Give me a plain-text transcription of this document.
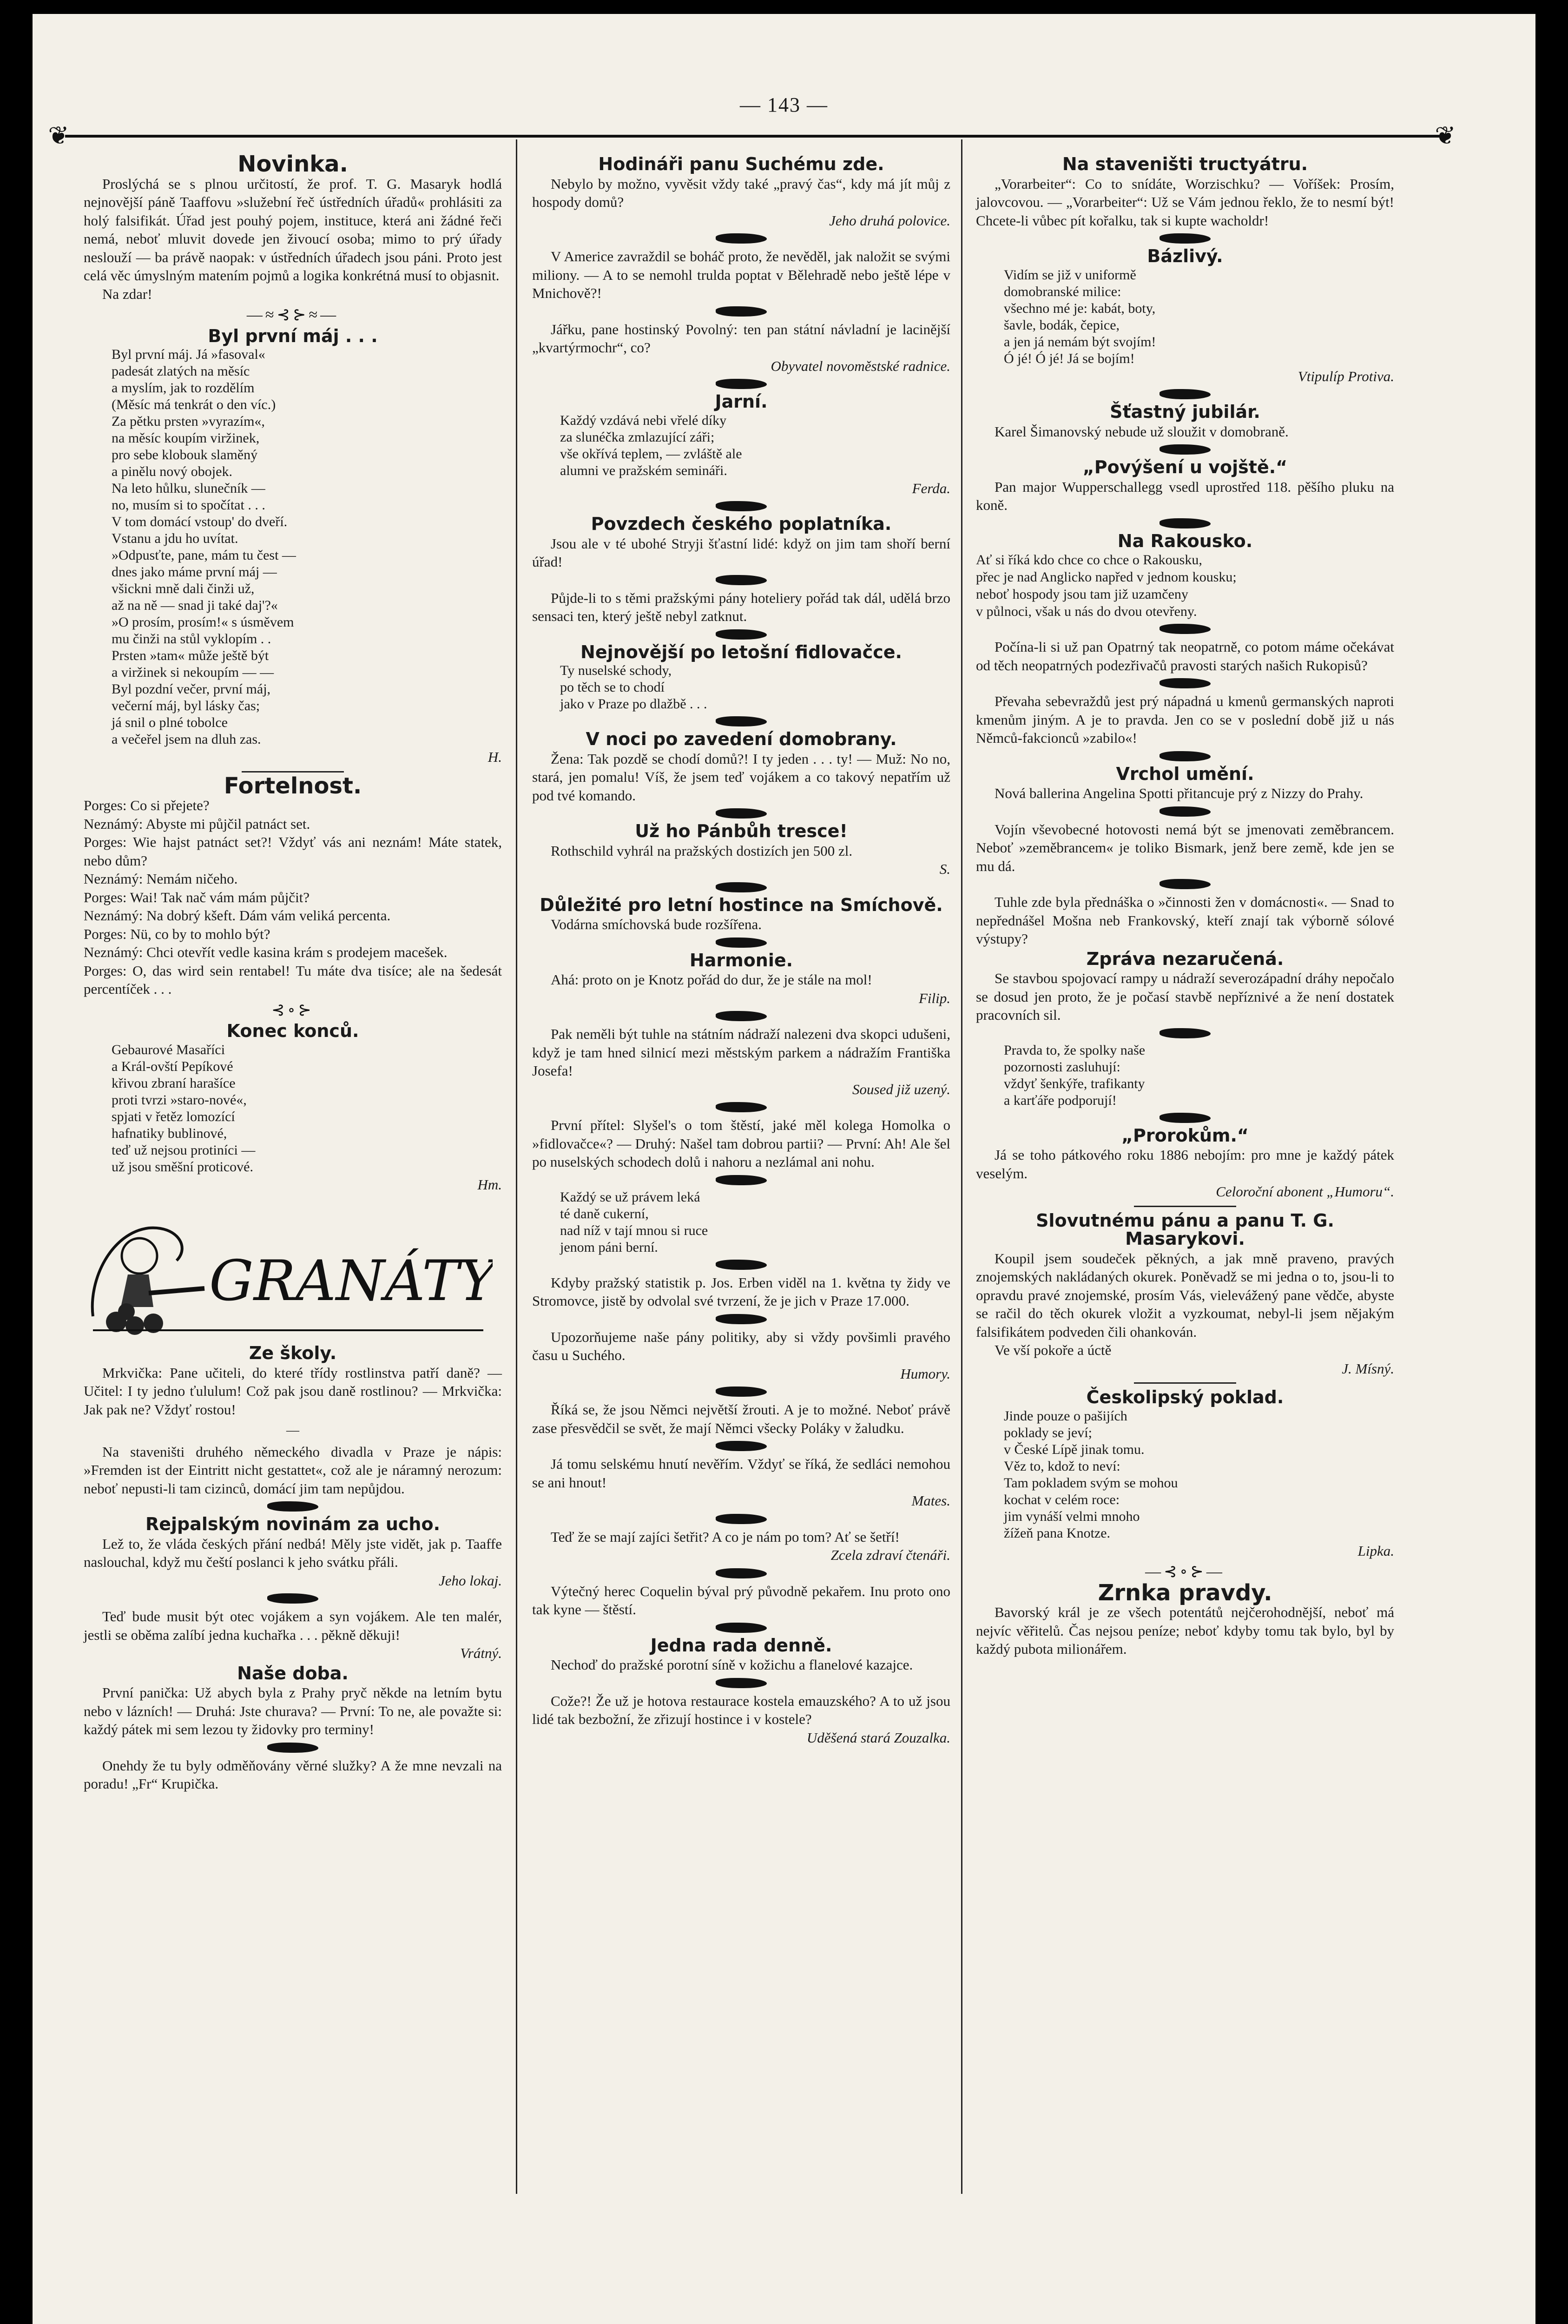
— 143 —
❦	❦
Novinka.

Proslýchá se s plnou určitostí, že prof. T. G. Masaryk hodlá nejnovější páně Taaffovu »služební řeč ústředních úřadů« prohlásiti za holý falsifikát. Úřad jest pouhý pojem, instituce, která ani žádné řeči nemá, neboť mluvit dovede jen živoucí osoba; mimo to prý úřady neslouží — ba právě naopak: v ústředních úřadech jsou páni. Proto jest celá věc úmyslným matením pojmů a logika konkrétná musí to objasnit.

Na zdar!

—≈⊰⊱≈—
Byl první máj . . .
Byl první máj. Já »fasoval«
padesát zlatých na měsíc
a myslím, jak to rozdělím
(Měsíc má tenkrát o den víc.)
Za pětku prsten »vyrazím«,
na měsíc koupím viržinek,
pro sebe klobouk slaměný
a pinělu nový obojek.
Na leto hůlku, slunečník —
no, musím si to spočítat . . .
V tom domácí vstoup' do dveří.
Vstanu a jdu ho uvítat.
»Odpusťte, pane, mám tu čest —
dnes jako máme první máj —
všickni mně dali činži už,
až na ně — snad ji také daj'?«
»O prosím, prosím!« s úsměvem
mu činži na stůl vyklopím . .
Prsten »tam« může ještě být
a viržinek si nekoupím — —
Byl pozdní večer, první máj,
večerní máj, byl lásky čas;
já snil o plné tobolce
a večeřel jsem na dluh zas.
H.
Fortelnost.

Porges: Co si přejete?

Neznámý: Abyste mi půjčil patnáct set.

Porges: Wie hajst patnáct set?! Vždyť vás ani neznám! Máte statek, nebo dům?

Neznámý: Nemám ničeho.

Porges: Wai! Tak nač vám mám půjčit?

Neznámý: Na dobrý kšeft. Dám vám veliká percenta.

Porges: Nü, co by to mohlo být?

Neznámý: Chci otevřít vedle kasina krám s prodejem macešek.

Porges: O, das wird sein rentabel! Tu máte dva tisíce; ale na šedesát percentíček . . .

⊰∘⊱
Konec konců.
Gebaurové Masaříci
a Král-ovští Pepíkové
křivou zbraní harašíce
proti tvrzi »staro-nové«,
spjati v řetěz lomozící
hafnatiky bublinové,
teď už nejsou protiníci —
už jsou směšní proticové.
Hm.
GRANÁTY
Ze školy.

Mrkvička: Pane učiteli, do které třídy rostlinstva patří daně? — Učitel: I ty jedno ťululum! Což pak jsou daně rostlinou? — Mrkvička: Jak pak ne? Vždyť rostou!

—

Na staveništi druhého německého divadla v Praze je nápis: »Fremden ist der Eintritt nicht gestattet«, což ale je náramný nerozum: neboť nepusti-li tam cizinců, domácí jim tam nepůjdou.

Rejpalským novinám za ucho.

Lež to, že vláda českých přání nedbá! Měly jste vidět, jak p. Taaffe naslouchal, když mu čeští poslanci k jeho svátku přáli.

Jeho lokaj.

Teď bude musit být otec vojákem a syn vojákem. Ale ten malér, jestli se oběma zalíbí jedna kuchařka . . . pěkně děkuji!

Vrátný.
Naše doba.

První panička: Už abych byla z Prahy pryč někde na letním bytu nebo v lázních! — Druhá: Jste churava? — První: To ne, ale považte si: každý pátek mi sem lezou ty židovky pro terminy!

Onehdy že tu byly odměňovány věrné služky? A že mne nevzali na poradu! „Fr“ Krupička.

Hodináři panu Suchému zde.

Nebylo by možno, vyvěsit vždy také „pravý čas“, kdy má jít můj z hospody domů?

Jeho druhá polovice.

V Americe zavraždil se boháč proto, že nevěděl, jak naložit se svými miliony. — A to se nemohl trulda poptat v Bělehradě nebo ještě lépe v Mnichově?!

Jářku, pane hostinský Povolný: ten pan státní návladní je lacinější „kvartýrmochr“, co?

Obyvatel novoměstské radnice.
Jarní.
Každý vzdává nebi vřelé díky
za slunéčka zmlazující záři;
vše okřívá teplem, — zvláště ale
alumni ve pražském semináři.
Ferda.
Povzdech českého poplatníka.

Jsou ale v té ubohé Stryji šťastní lidé: když on jim tam shoří berní úřad!

Půjde-li to s těmi pražskými pány hoteliery pořád tak dál, udělá brzo sensaci ten, který ještě nebyl zatknut.

Nejnovější po letošní fidlovačce.
Ty nuselské schody,
po těch se to chodí
jako v Praze po dlažbě . . .
V noci po zavedení domobrany.

Žena: Tak pozdě se chodí domů?! I ty jeden . . . ty! — Muž: No no, stará, jen pomalu! Víš, že jsem teď vojákem a co takový nepatřím už pod tvé komando.

Už ho Pánbůh tresce!

Rothschild vyhrál na pražských dostizích jen 500 zl.

S.
Důležité pro letní hostince na Smíchově.

Vodárna smíchovská bude rozšířena.

Harmonie.

Ahá: proto on je Knotz pořád do dur, že je stále na mol!

Filip.

Pak neměli být tuhle na státním nádraží nalezeni dva skopci udušeni, když je tam hned silnicí mezi městským parkem a nádražím Františka Josefa!

Soused již uzený.

První přítel: Slyšel's o tom štěstí, jaké měl kolega Homolka o »fidlovačce«? — Druhý: Našel tam dobrou partii? — První: Ah! Ale šel po nuselských schodech dolů i nahoru a nezlámal ani nohu.

Každý se už právem leká
té daně cukerní,
nad níž v tají mnou si ruce
jenom páni berní.

Kdyby pražský statistik p. Jos. Erben viděl na 1. května ty židy ve Stromovce, jistě by odvolal své tvrzení, že je jich v Praze 17.000.

Upozorňujeme naše pány politiky, aby si vždy povšimli pravého času u Suchého.

Humory.

Říká se, že jsou Němci největší žrouti. A je to možné. Neboť právě zase přesvědčil se svět, že mají Němci všecky Poláky v žaludku.

Já tomu selskému hnutí nevěřím. Vždyť se říká, že sedláci nemohou se ani hnout!

Mates.

Teď že se mají zajíci šetřit? A co je nám po tom? Ať se šetří!

Zcela zdraví čtenáři.

Výtečný herec Coquelin býval prý původně pekařem. Inu proto ono tak kyne — štěstí.

Jedna rada denně.

Nechoď do pražské porotní síně v kožichu a flanelové kazajce.

Cože?! Že už je hotova restaurace kostela emauzského? A to už jsou lidé tak bezbožní, že zřizují hostince i v kostele?

Uděšená stará Zouzalka.
Na staveništi tructyátru.

„Vorarbeiter“: Co to snídáte, Worzischku? — Voříšek: Prosím, jalovcovou. — „Vorarbeiter“: Už se Vám jednou řeklo, že to nesmí být! Chcete-li vůbec pít kořalku, tak si kupte wacholdr!

Bázlivý.
Vidím se již v uniformě
domobranské milice:
všechno mé je: kabát, boty,
šavle, bodák, čepice,
a jen já nemám být svojím!
Ó jé! Ó jé! Já se bojím!
Vtipulíp Protiva.
Šťastný jubilár.

Karel Šimanovský nebude už sloužit v domobraně.

„Povýšení u vojště.“

Pan major Wupperschallegg vsedl uprostřed 118. pěšího pluku na koně.

Na Rakousko.
Ať si říká kdo chce co chce o Rakousku,
přec je nad Anglicko napřed v jednom kousku;
neboť hospody jsou tam již uzamčeny
v půlnoci, však u nás do dvou otevřeny.

Počína-li si už pan Opatrný tak neopatrně, co potom máme očekávat od těch neopatrných podezřivačů pravosti starých našich Rukopisů?

Převaha sebevraždů jest prý nápadná u kmenů germanských naproti kmenům jiným. A je to pravda. Jen co se v poslední době již u nás Němců-fakcionců »zabilo«!

Vrchol umění.

Nová ballerina Angelina Spotti přitancuje prý z Nizzy do Prahy.

Vojín vševobecné hotovosti nemá být se jmenovati zeměbrancem. Neboť »zeměbrancem« je toliko Bismark, jenž bere země, kde jen se mu dá.

Tuhle zde byla přednáška o »činnosti žen v domácnosti«. — Snad to nepřednášel Mošna neb Frankovský, kteří znají tak výborně sólové výstupy?

Zpráva nezaručená.

Se stavbou spojovací rampy u nádraží severozápadní dráhy nepočalo se dosud jen proto, že je počasí stavbě nepříznivé a že není dostatek pracovních sil.

Pravda to, že spolky naše
pozornosti zasluhují:
vždyť šenkýře, trafikanty
a karťáře podporují!
„Prorokům.“

Já se toho pátkového roku 1886 nebojím: pro mne je každý pátek veselým.

Celoroční abonent „Humoru“.
Slovutnému pánu a panu T. G. Masarykovi.

Koupil jsem soudeček pěkných, a jak mně praveno, pravých znojemských nakládaných okurek. Poněvadž se mi jedna o to, jsou-li to opravdu pravé znojemské, prosím Vás, vielevážený pane vědče, abyste se račil do těch okurek vložit a vyzkoumat, nebyl-li jsem nějakým falsifikátem podveden čili ohankován.

Ve vší pokoře a úctě

J. Mísný.
Českolipský poklad.
Jinde pouze o pašijích
poklady se jeví;
v České Lípě jinak tomu.
Věz to, kdož to neví:
Tam pokladem svým se mohou
kochat v celém roce:
jim vynáší velmi mnoho
žížeň pana Knotze.
Lipka.
—⊰∘⊱—
Zrnka pravdy.

Bavorský král je ze všech potentátů nejčerohodnější, neboť má nejvíc věřitelů. Čas nejsou peníze; neboť kdyby tomu tak bylo, byl by každý pubota milionářem.
